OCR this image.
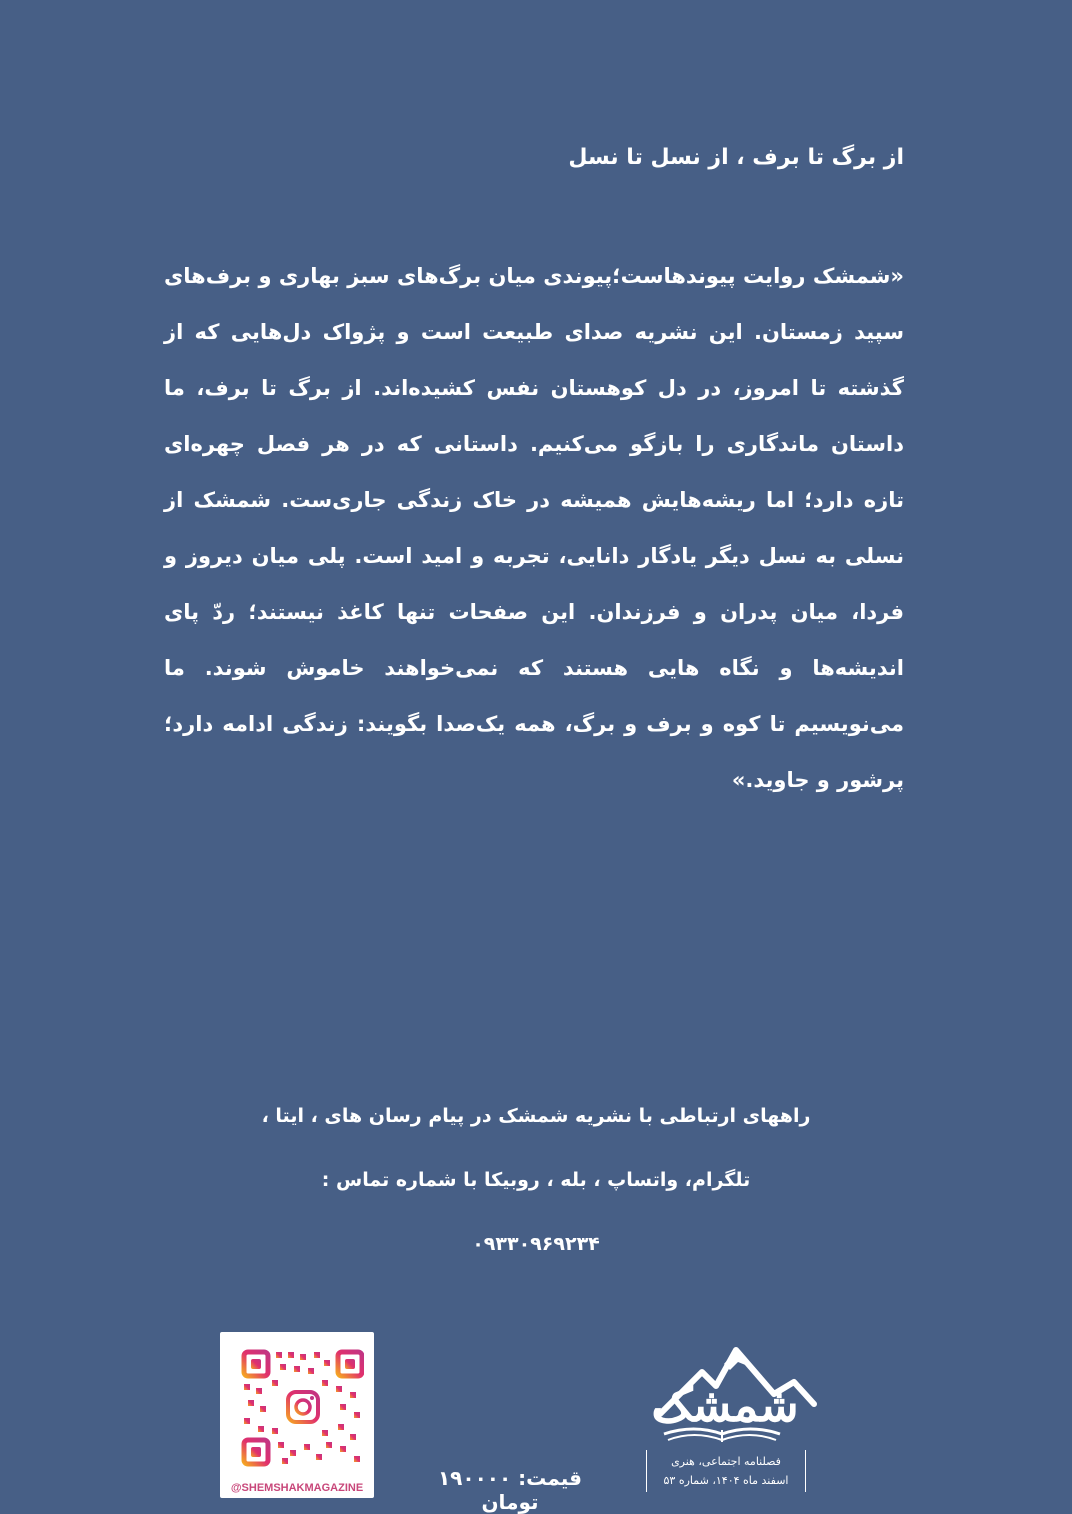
از برگ تا برف ، از نسل تا نسل

«شمشک روایت پیوندهاست؛پیوندی میان برگ‌های سبز بهاری و برف‌های سپید زمستان. این نشریه صدای طبیعت است و پژواک دل‌هایی که از گذشته تا امروز، در دل کوهستان نفس کشیده‌اند. از برگ تا برف، ما داستان ماندگاری را بازگو می‌کنیم. داستانی که در هر فصل چهره‌ای تازه دارد؛ اما ریشه‌هایش همیشه در خاک زندگی جاری‌ست. شمشک از نسلی به نسل دیگر یادگار دانایی، تجربه و امید است. پلی میان دیروز و فردا، میان پدران و فرزندان. این صفحات تنها کاغذ نیستند؛ ردّ پای اندیشه‌ها و نگاه هایی هستند که نمی‌خواهند خاموش شوند. ما می‌نویسیم تا کوه و برف و برگ، همه یک‌صدا بگویند: زندگی ادامه دارد؛ پرشور و جاوید.»

راههای ارتباطی با نشریه شمشک در پیام رسان های ، ایتا ،
تلگرام، واتساپ ، بله ، روبیکا با شماره تماس :
۰۹۳۳۰۹۶۹۲۳۴
@SHEMSHAKMAGAZINE	قیمت: ۱۹۰۰۰۰ تومان
شمشک
فصلنامه اجتماعی، هنری
اسفند ماه ۱۴۰۴، شماره ۵۳
